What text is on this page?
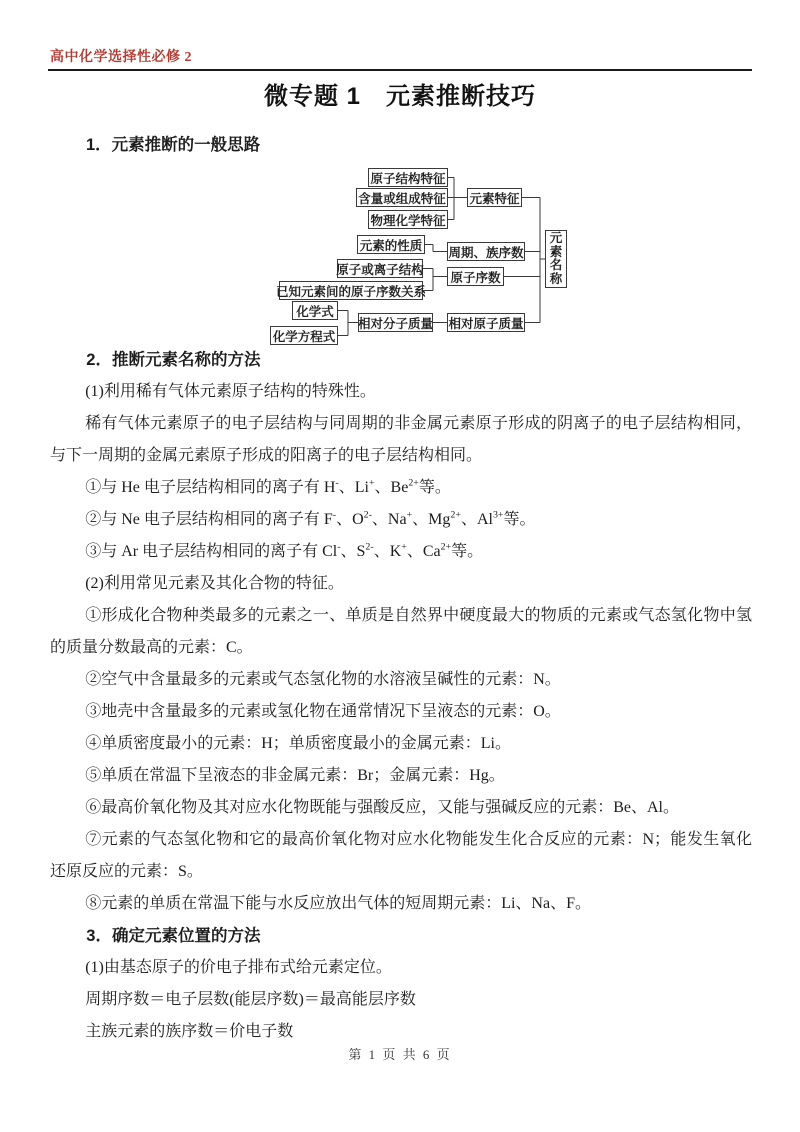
高中化学选择性必修 2
微专题 1　元素推断技巧
1．元素推断的一般思路
原子结构特征
含量或组成特征
物理化学特征
元素特征
元素的性质
原子或离子结构
已知元素间的原子序数关系
周期、族序数
原子序数
化学式
化学方程式
相对分子质量 相对原子质量
元素名称

2．推断元素名称的方法

(1)利用稀有气体元素原子结构的特殊性。

稀有气体元素原子的电子层结构与同周期的非金属元素原子形成的阴离子的电子层结构相同，与下一周期的金属元素原子形成的阳离子的电子层结构相同。

①与 He 电子层结构相同的离子有 H-、Li+、$Be^{2+}$等。

②与 Ne 电子层结构相同的离子有 F-、$O^{2-}$、Na+、$Mg^{2+}$、$Al^{3+}$等。

③与 Ar 电子层结构相同的离子有 Cl-、$S^{2-}$、K+、$Ca^{2+}$等。

(2)利用常见元素及其化合物的特征。

①形成化合物种类最多的元素之一、单质是自然界中硬度最大的物质的元素或气态氢化物中氢的质量分数最高的元素：C。

②空气中含量最多的元素或气态氢化物的水溶液呈碱性的元素：N。

③地壳中含量最多的元素或氢化物在通常情况下呈液态的元素：O。

④单质密度最小的元素：H；单质密度最小的金属元素：Li。

⑤单质在常温下呈液态的非金属元素：Br；金属元素：Hg。

⑥最高价氧化物及其对应水化物既能与强酸反应，又能与强碱反应的元素：Be、Al。

⑦元素的气态氢化物和它的最高价氧化物对应水化物能发生化合反应的元素：N；能发生氧化还原反应的元素：S。

⑧元素的单质在常温下能与水反应放出气体的短周期元素：Li、Na、F。

3．确定元素位置的方法

(1)由基态原子的价电子排布式给元素定位。

周期序数＝电子层数(能层序数)＝最高能层序数

主族元素的族序数＝价电子数

第 1 页 共 6 页
